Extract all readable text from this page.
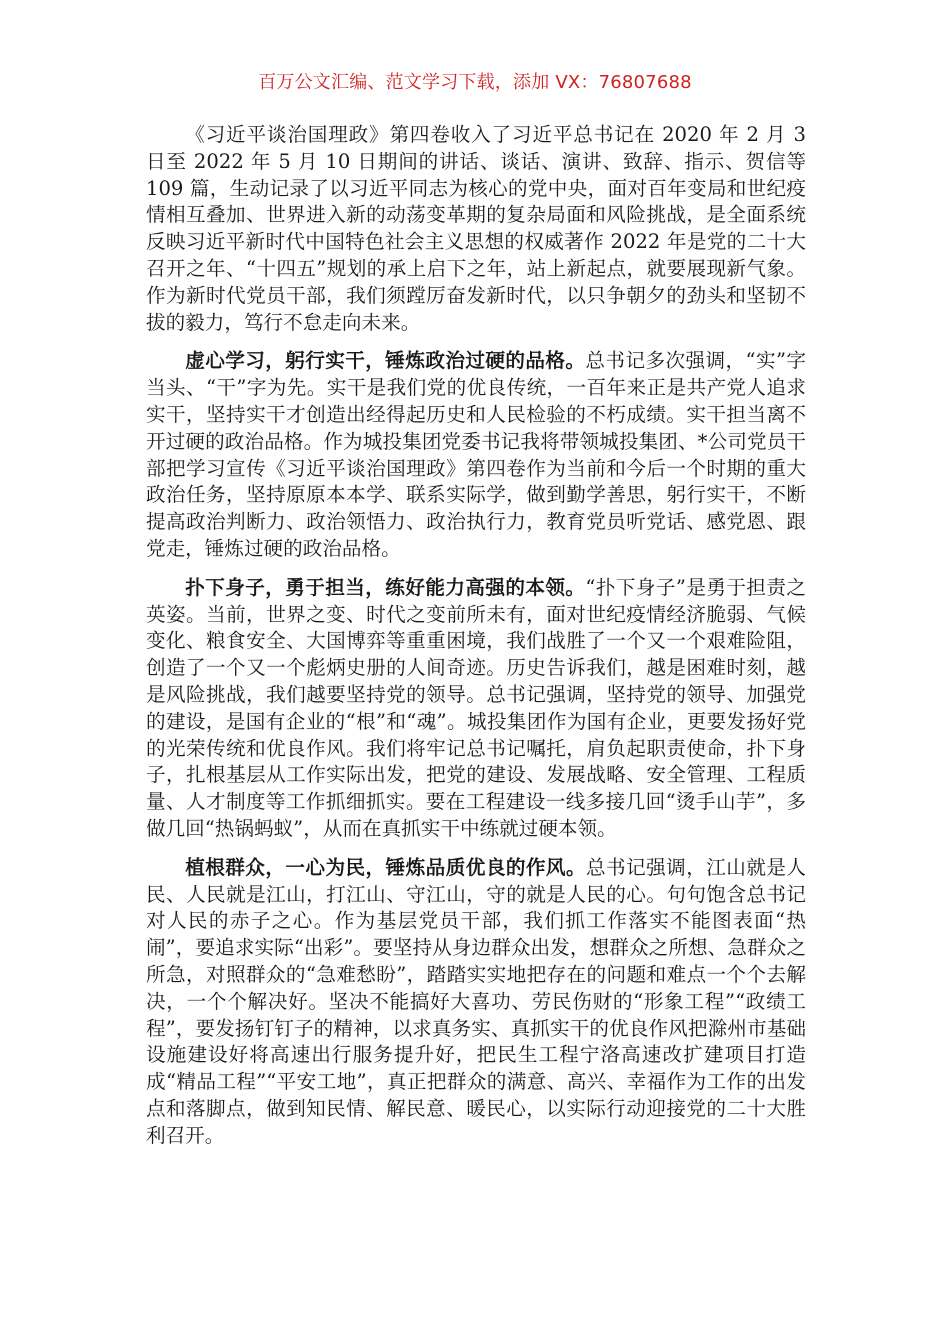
百万公文汇编、范文学习下载，添加 VX：76807688

《习近平谈治国理政》第四卷收入了习近平总书记在 2020 年 2 月 3 日至 2022 年 5 月 10 日期间的讲话、谈话、演讲、致辞、指示、贺信等 109 篇，生动记录了以习近平同志为核心的党中央，面对百年变局和世纪疫情相互叠加、世界进入新的动荡变革期的复杂局面和风险挑战，是全面系统反映习近平新时代中国特色社会主义思想的权威著作 2022 年是党的二十大召开之年、“十四五”规划的承上启下之年，站上新起点，就要展现新气象。作为新时代党员干部，我们须蹚厉奋发新时代，以只争朝夕的劲头和坚韧不拔的毅力，笃行不怠走向未来。

虚心学习，躬行实干，锤炼政治过硬的品格。总书记多次强调，“实”字当头、“干”字为先。实干是我们党的优良传统，一百年来正是共产党人追求实干，坚持实干才创造出经得起历史和人民检验的不朽成绩。实干担当离不开过硬的政治品格。作为城投集团党委书记我将带领城投集团、*公司党员干部把学习宣传《习近平谈治国理政》第四卷作为当前和今后一个时期的重大政治任务，坚持原原本本学、联系实际学，做到勤学善思，躬行实干，不断提高政治判断力、政治领悟力、政治执行力，教育党员听党话、感党恩、跟党走，锤炼过硬的政治品格。

扑下身子，勇于担当，练好能力高强的本领。“扑下身子”是勇于担责之英姿。当前，世界之变、时代之变前所未有，面对世纪疫情经济脆弱、气候变化、粮食安全、大国博弈等重重困境，我们战胜了一个又一个艰难险阻，创造了一个又一个彪炳史册的人间奇迹。历史告诉我们，越是困难时刻，越是风险挑战，我们越要坚持党的领导。总书记强调，坚持党的领导、加强党的建设，是国有企业的“根”和“魂”。城投集团作为国有企业，更要发扬好党的光荣传统和优良作风。我们将牢记总书记嘱托，肩负起职责使命，扑下身子，扎根基层从工作实际出发，把党的建设、发展战略、安全管理、工程质量、人才制度等工作抓细抓实。要在工程建设一线多接几回“烫手山芋”，多做几回“热锅蚂蚁”，从而在真抓实干中练就过硬本领。

植根群众，一心为民，锤炼品质优良的作风。总书记强调，江山就是人民、人民就是江山，打江山、守江山，守的就是人民的心。句句饱含总书记对人民的赤子之心。作为基层党员干部，我们抓工作落实不能图表面“热闹”，要追求实际“出彩”。要坚持从身边群众出发，想群众之所想、急群众之所急，对照群众的“急难愁盼”，踏踏实实地把存在的问题和难点一个个去解决，一个个解决好。坚决不能搞好大喜功、劳民伤财的“形象工程”“政绩工程”，要发扬钉钉子的精神，以求真务实、真抓实干的优良作风把滁州市基础设施建设好将高速出行服务提升好，把民生工程宁洛高速改扩建项目打造成“精品工程”“平安工地”，真正把群众的满意、高兴、幸福作为工作的出发点和落脚点，做到知民情、解民意、暖民心，以实际行动迎接党的二十大胜利召开。
